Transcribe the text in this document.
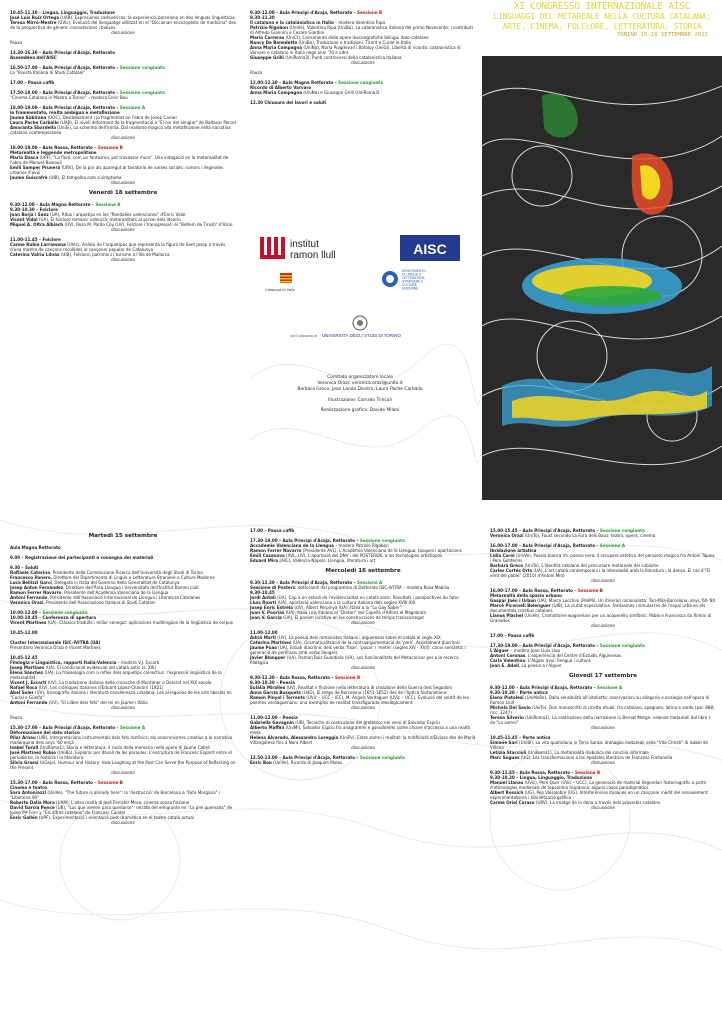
10.45-11.30 – Lingua, Linguaggio, Traduzione
José Luis Ruiz Ortega (UAB), Expresiones cadavéricas: la experiencia barcelona en dos lenguas linguísticas
Teresa Mirrò-Mestre (UVic), Evolució del llenguatge utilitzat en el "Diccionari enciclopèdic de medicina" des de la perspectiva de gènere: connotacions i biaixos
discussione
Pausa
13.30-16.30 – Aula Principi d'Acaja, Rettorato
Assemblea dell'AISC
16.50-17.00 – Aula Principi d'Acaja, Rettorato – Sessione congiunta
La "Rivista Italiana di Studi Catalani"
17.00 – Pausa caffè
17.50-18.00 – Aula Principi d'Acaja, Rettorato – Sessione congiunta
"Cinema Catalano in Mostra a Torino" – modera Enric Bou
18.00-19.00 – Aula Principi d'Acaja, Rettorato – Sessione A
Io frammentato, realtà ambigua e metafinzione
Jaume Subirana (UOC), Desdoblament i jo fragmentat en l'obra de Josep Carner
Laura Pache Carballo (UAB), El nivell deformant de la fragmentació a "El cor del senglar" de Baltasar Porcel
Amaranta Sbardella (UniSi), Lo schermo dell'ironia. Dal realismo magico alla metafinzione nella narrativa catalana contemporanea
discussione
18.00-19.00 – Aula Rossa, Rettorato – Sessione B
Metarealtà e leggende metropolitane
Maria Dasca (UPF), "La floró, com un fantasma, pot travessar murs". Una indagació en la metarealitat de l'obra de Manuel Baixauli
Emili Samper Prunera (URV), De la por als aparegut al tanatorio de xarxes socials: rumors i llegendes urbanes d'avui
Jaume Guiscafrè (UIB), El tampolka com a simptoma
discussione
Venerdì 18 settembre
9.30-12.00 – Aula Magna Rettorato – Sessione A
9.30-10.30 – Folclore
Joan Borja i Sanz (UA), Ritus i arquetips en les "Rondalles valencianes" d'Enric Valor
Vicent Vidal (UA), El folclore romànic valencià: metarealitats al servei dels ideario
Miquel A. Oltra Albiach (UV), Rosa M. Pardo Coy (UV), Folclore i transgressió: el "Betlem de Tirisiti" d'Alcoi
discussione
11.00-11.45 – Folclore
Carme Rubio Larramona (UVic), Anàlisi de l'arquetipus que representa la figura de Sant Josep a través d'una mostra de cançons recollides al cançoner popular de Catalunya
Caterina Valriu Llinàs (UIB), Folklore, patrimoni i turisme a l'illa de Mallorca
discussione
9.30-12.00 – Aula Principi d'Acaja, Rettorato – Sessione B
9.30-11.30
Il catalano e la catalanistica in Italia – modera Valentina Ripa
Patrizio Rigobon (UniVe), Valentina Ripa (UniBa), La catalanistica italiana del primo Novecento: i contributi di Alfredo Giannini e Cesare Giardini
Maria Carreras (UniCt), Censimento delle opere lessicografiche bilingui italo-catalane
Nancy De Benedetto (UniBa), Traduzione e tradizioni. Tirant e Curial in Italia
Anna Maria Compagna (UniNa), Núria Puigdevall i Bafaluy (UniGi), Libertà di ricordo: catalanistica di Varvaro e catalano in Italia negli anni '70 e oltre
Giuseppe Grilli (UniRoma3), Punti controversi della catalanistica italiana
discussione
Pausa
12.00-12.30 – Aula Magna Rettorato – Sessione congiunta
Ricordo di Alberto Varvaro
Anna Maria Compagna (UniNa) e Giuseppe Grilli (UniRoma3)
12.30 Chiusura dei lavori e saluti
institut
ramon llull	AISC
Catalunya en Italia
DIPARTIMENTO
DI LINGUE E
LETTERATURE
STRANIERE E
CULTURE
MODERNE
con il patrocinio di UNIVERSITÀ DEGLI STUDI DI TORINO
Comitato organizzatore locale
Veronica Orazi: veronica.orazi@unito.it
Barbara Greco, Joan Landa Diestro, Laura Pache Carballo
Illustrazione: Corrado Trincali
Realizzazione grafica: Davide Milani
XI CONGRESSO INTERNAZIONALE AISC
LINGUAGGI DEL METAREALE NELLA CULTURA CATALANA:
ARTE, CINEMA, FOLCLORE, LETTERATURA, STORIA
TORINO 15-18 SETTEMBRE 2015
Martedì 15 settembre
Aula Magna Rettorato
9.00 – Registrazione dei partecipanti e consegna dei materiali
9.30 – Saluti
Raffaele Caterina, Presidente della Commissione Ricerca dell'Università degli Studi di Torino
Francesco Panero, Direttore del Dipartimento di Lingue e Letterature Straniere e Culture Moderne
Luca Bellizzi Garci, Delegato in Italia del Governo della Generalitat de Catalunya
Josep Anton Fernández, Direttore dell'Àrea Llengua i Universitats dell'Institut Ramon Llull
Ramon Ferrer Navarro, Presidente dell'Acadèmia Valenciana de la Llengua
Antoni Ferrando, Presidente dell'Associació Internacional de Llengua i Literatura Catalanes
Veronica Orazi, Presidente dell'Associazione Italiana di Studi Catalani
10.00-12.00 – Sessione congiunta
10.00-10.45 – Conferenza di apertura
Vicent Martines (UA), Clàssics traduïts i millor conegut: aplicacions multilingües de la lingüística de corpus
10.45-12.00
Cluster Internazionale ISIC-IVITRA (UA)
Presentano Veronica Orazi e Vicent Martines
10.45-12.45
Filologia e Linguistica, rapporti Italia-Valencia – modera V.J. Escartí
Josep Martines (UA), El condicional evidencial del català antic (s. XIII)
Elena Sánchez (UA), La fraseologia com a reflex dels arquetips col·lectius: l'expressió lingüística de la metarealitat
Vicent J. Escartí (UV), La traduzione italiana delle cronache di Muntaner e Desclot nel XIX secolo
Rafael Roca (UV), Les cròniques italianes d'Eduard López-Chavarri (1921)
Abel Soler (UV), Iconografia italiana i literatura cavalleresca catalana. Les al·legories de les arts liberals en "Curial e Güelfa"
Antoni Ferrando (UV), "El Llibre dels fets" del rei en Jaume i Itàlia
discussione
Pausa
15.30-17.00 – Aula Principi d'Acaja, Rettorato – Sessione A
Deformazione del dato storico
Pilar Arnau (UIB), Interpretacions instrumentals dels fets històrics: els anacronismes creatius a la narrativa mallorquina dels anys '60 ençà
Isabel Turull (UniRoma1), Storia e letteratura: il ruolo della memoria nelle opere di Jaume Cabré
José Martínez Rubio (UniBo), Explorar per davall de les paraules. L'escriptura de Francesc Esparrt entre el periodisme, la història i la literatura
Silvia Grassi (UGejo), Humour and History: How Laughing at the Past Can Serve the Purpose of Reflecting on the Present
discussione
15.30-17.00 – Aula Rossa, Rettorato – Sessione B
Cinema e teatro
Sara Antoniazzi (UniVe), "The future is already here": la 'destrucció' de Barcelona a "Fata Morgana" i "Liberxina 90"
Roberto Dalla Mora (UAM), L'altra realtà di Josè Ferrater Mora: cinema senza finzione
David García Ponce (UB), "Los que vienen para quedarse": retrato del emigrante en "La piel quemada" de Josep Mª Forn y "Els altres catalans" de Francesc Candel
Enric Gallén (UPF), Experimentació i orientació post-dramàtica en el teatre català actual
discussione
17.00 – Pausa caffè
17.30-19.00 – Aula Principi d'Acaja, Rettorato – Sessione congiunta
Accademie Valenciana de la Llengua – modera Patrizio Rigobon
Ramon Ferrer Navarro (Presidente AVL), L'Acadèmia Valenciana de la Llengua: tasques i aportacions
Emili Casanova (AVL, UV), L'aportació del DNV i del POSTERVAL a les tecnologies artístiques
Eduard Mira (AVL), València-Nàpols: Llengua, literatura i art
Mercoledì 16 settembre
9.30-12.30 – Aula Principi d'Acaja, Rettorato – Sessione A
Sessione di Posters: dottorandi del programma di Dottorato ISIC-IVITRA – modera Rosa Mabilia
9.30-10.45
Jordi Antoli (UA), Cap a un estudi de l'evidencialitat en català antic. Resultats i perspectives de futur
Lluís Roarti (UA), aportació valenciana a la cultura italiana dels segles XVIII-XIX
Josep Enric Estrela (UV), Albert Perpinyà (UA), Itàlia a la "Lo Gay Saber"
Joan V. Poorias (UA), Itàlia i els italians al "Dietari" del Capellà d'Alfons el Magnànim
Joan V. García (UA), El ponom locativo en les construccions de temps transcorregut
discussione
11.00-12.00
Adrià Martí (UV), La poesia dels romanistes italians i algueresos sobre el català al segle XIX
Caterina Martínez (UA), Gramaticalització de la contraargumentació de 'però'. Acostament diacrònic
Jaume Puas (UA), Estudi diacrònic dels verbs 'fixar', 'posar' i 'metre' (segles XIV - XVII): canvi semàntic i generació de perífrasis amb verbs lleugers
Javier Blanquer (UA), Ramon Ruiz Guardiola (UA), Les funcionalitats del Metaconcor per a la recerca filològica
discussione
9.30-12.30 – Aula Rossa, Rettorato – Sessione B
9.30-10.30 – Poesia
Eulàlia Miralles (UV), Realitat e finzione nella letteratura di creazione della Guerra dels Segadors
Anna García Busquets (UdG), El setge de Barcelona (1651-1652) des de l'òptica fontanellana
Ramon Pinyol i Torrents (UVic – UCC – IEC), M. Àngels Verdaguer (UVic – UCC), Evolució del sentit de les poemes verdaguerians: una exemples de realitat transfigurada ideològicament
discussione
11.00-12.00 – Poesia
Gabriella Gavagnin (UB), Tecniche di costruzione del grottesco nei versi di Salvador Espriu
Alberto Maffini (UniMi), Salvador Espriu fra anagrammi e pseudonimi come chiave d'accesso a una realtà meta
Helena Alvarado, Alessandro Loreggia (UniPv), Entre somni i realitat: la mitificació d'Elvissa des de Marià Villangómez fins a Nora Albert
discussione
12.50-13.00 – Aula Principi d'Acaja, Rettorato – Sessione congiunta
Enric Bou (UniVe), Ricordo di Joaquim Molas
15.00-15.45 – Aula Principi d'Acaja, Rettorato – Sessione congiunta
Veronica Orazi (UniTo), Faust secondo La Fura dels Baus: teatro, opera, cinema
16.00-17.00 – Aula Principi d'Acaja, Rettorato – Sessione A
Ibridazione artistica
Lídia Carol (UniVe), Poesia bianca Vs. poesia nera: il recupero estetico del pensiero magico fra Antoni Tàpies i Pere Gimferrer
Barbara Greco (UniTo), L'identità catalana del precursore metareale del cubismo
Carles Cortés Orts (UA), L'art català contemporani i la intereladió amb la literatura i la dansa. El cas d'"El vent del poble" (2010) d'Antoni Miró
discussione
16.00-17.00 – Aula Rossa, Rettorato – Sessione B
Metarealtà dello spazio urbano
Gaspar Jaén i Urban (UA), Marco Lucchini (PoliMi), Un itinerari racionalista: Tarí-Mila-Barcelona, anys '60-'80
Mercè Picornell Belenguer (UIB), La ciutat especulativa. Fantasmes i simulacres de l'espai urbà en els documentals creatius catalans
Llanos Plàchel (UniVe), Cromatisme wagneriani per un acquerello simfònic: Pablo e Francesca da Rimini di Granados
discussione
17.00 – Pausa caffè
17.30-19.00 – Aula Principi d'Acaja, Rettorato – Sessione congiunta
L'Alguer – modera Joan Lluís Llop
Antoni Coronas, L'experiència del Centre d'Estudis Algueresos
Carla Valentino, L'Alguer avui: llengua i cultura
Joan E. Adell, La poesia a l'Alguer
Giovedì 17 settembre
9.30-12.00 – Aula Principi d'Acaja, Rettorato – Sessione A
9.30-10.30 – Parte antica
Elena Pistolesi (UniMoRe), Dalla sensibilità all'intelletto: osservazioni su allegoria e analogia nell'opera di Ramon Llull
Michela Del Savio (UniTo), Due manoscritti di ricette rituali: tra catalano, spagnolo, latino e sardo (pal. 888; ricc. 1247)
Teresa Silverio (UniRoma1), La costruzione della narrazione in Bernat Metge: valenze metareali dal libro I de "Lo somni"
discussione
10.45-11.45 – Parte antica
Simone Sari (UniBl), La vita quotidiana in Terra Santa: immagini metareali nella "Vita Christi" di Isabel de Villena
Letizia Staccioli (UniRoma1), La metarealità diabolica del concilio informale
Marc Sogues (UG), Les transformacions a les epístoles literàries de Francesc Fontanella
discussione
9.30-11.45 – Aula Rossa, Rettorato – Sessione B
9.30-10.30 – Lingua, Linguaggio, Traduzione
Manuel Llanas (UVic), Pere Quer (UVic – UCC), La generació de material llegendari historiogràfic a partir d'etimologies medievals de toponimia hispànica: alguns casos paradigmàtics
Albert Rossich (UG), Pep Valsalobre (UG), Interferències italianes en un cançoner inèdit del renaixement: experimentalisme i hibridització gràfica
Carme Oriol Carazo (URV), La imatge de la dona a través dels proverbis catalans
discussione
